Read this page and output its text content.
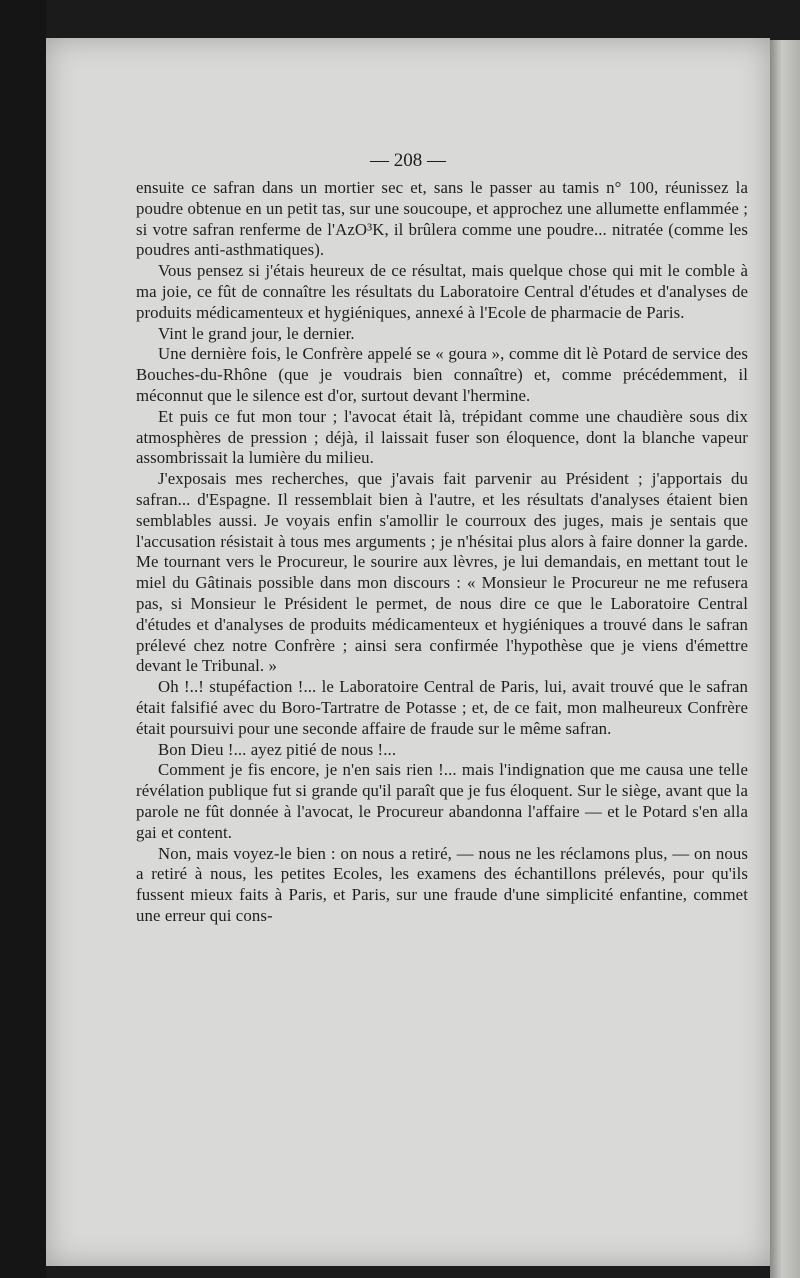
— 208 —

ensuite ce safran dans un mortier sec et, sans le passer au tamis n° 100, réunissez la poudre obtenue en un petit tas, sur une soucoupe, et approchez une allumette enflammée ; si votre safran renferme de l'AzO³K, il brûlera comme une poudre... nitratée (comme les poudres anti-asthmatiques).

Vous pensez si j'étais heureux de ce résultat, mais quelque chose qui mit le comble à ma joie, ce fût de connaître les résultats du Laboratoire Central d'études et d'analyses de produits médicamenteux et hygiéniques, annexé à l'Ecole de pharmacie de Paris.

Vint le grand jour, le dernier.

Une dernière fois, le Confrère appelé se « goura », comme dit lè Potard de service des Bouches-du-Rhône (que je voudrais bien connaître) et, comme précédemment, il méconnut que le silence est d'or, surtout devant l'hermine.

Et puis ce fut mon tour ; l'avocat était là, trépidant comme une chaudière sous dix atmosphères de pression ; déjà, il laissait fuser son éloquence, dont la blanche vapeur assombrissait la lumière du milieu.

J'exposais mes recherches, que j'avais fait parvenir au Président ; j'apportais du safran... d'Espagne. Il ressemblait bien à l'autre, et les résultats d'analyses étaient bien semblables aussi. Je voyais enfin s'amollir le courroux des juges, mais je sentais que l'accusation résistait à tous mes arguments ; je n'hésitai plus alors à faire donner la garde. Me tournant vers le Procureur, le sourire aux lèvres, je lui demandais, en mettant tout le miel du Gâtinais possible dans mon discours : « Monsieur le Procureur ne me refusera pas, si Monsieur le Président le permet, de nous dire ce que le Laboratoire Central d'études et d'analyses de produits médicamenteux et hygiéniques a trouvé dans le safran prélevé chez notre Confrère ; ainsi sera confirmée l'hypothèse que je viens d'émettre devant le Tribunal. »

Oh !..! stupéfaction !... le Laboratoire Central de Paris, lui, avait trouvé que le safran était falsifié avec du Boro-Tartratre de Potasse ; et, de ce fait, mon malheureux Confrère était poursuivi pour une seconde affaire de fraude sur le même safran.

Bon Dieu !... ayez pitié de nous !...

Comment je fis encore, je n'en sais rien !... mais l'indignation que me causa une telle révélation publique fut si grande qu'il paraît que je fus éloquent. Sur le siège, avant que la parole ne fût donnée à l'avocat, le Procureur abandonna l'affaire — et le Potard s'en alla gai et content.

Non, mais voyez-le bien : on nous a retiré, — nous ne les réclamons plus, — on nous a retiré à nous, les petites Ecoles, les examens des échantillons prélevés, pour qu'ils fussent mieux faits à Paris, et Paris, sur une fraude d'une simplicité enfantine, commet une erreur qui cons-
